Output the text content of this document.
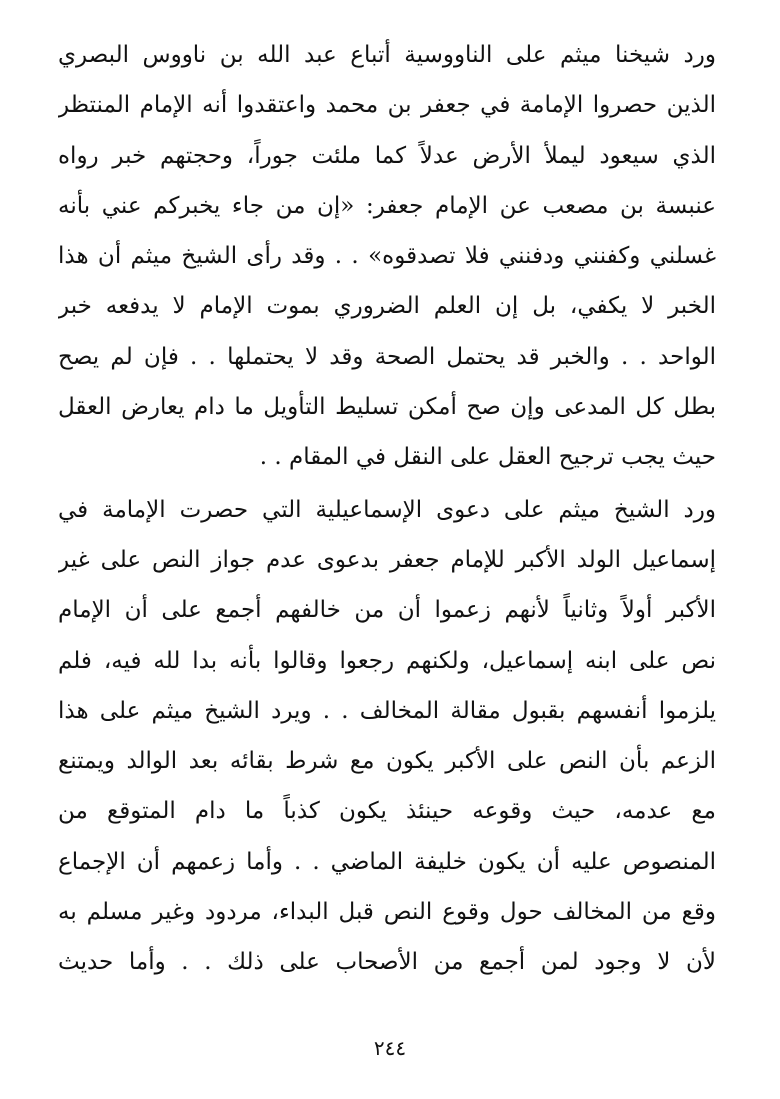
ورد شيخنا ميثم على الناووسية أتباع عبد الله بن ناووس البصري
الذين حصروا الإمامة في جعفر بن محمد واعتقدوا أنه الإمام المنتظر
الذي سيعود ليملأ الأرض عدلاً كما ملئت جوراً، وحجتهم خبر رواه
عنبسة بن مصعب عن الإمام جعفر: «إن من جاء يخبركم عني بأنه
غسلني وكفنني ودفنني فلا تصدقوه» . . وقد رأى الشيخ ميثم أن هذا
الخبر لا يكفي، بل إن العلم الضروري بموت الإمام لا يدفعه خبر
الواحد . . والخبر قد يحتمل الصحة وقد لا يحتملها . . فإن لم يصح
بطل كل المدعى وإن صح أمكن تسليط التأويل ما دام يعارض العقل
حيث يجب ترجيح العقل على النقل في المقام . .
ورد الشيخ ميثم على دعوى الإسماعيلية التي حصرت الإمامة في
إسماعيل الولد الأكبر للإمام جعفر بدعوى عدم جواز النص على غير
الأكبر أولاً وثانياً لأنهم زعموا أن من خالفهم أجمع على أن الإمام
نص على ابنه إسماعيل، ولكنهم رجعوا وقالوا بأنه بدا لله فيه، فلم
يلزموا أنفسهم بقبول مقالة المخالف . . ويرد الشيخ ميثم على هذا
الزعم بأن النص على الأكبر يكون مع شرط بقائه بعد الوالد ويمتنع
مع عدمه، حيث وقوعه حينئذ يكون كذباً ما دام المتوقع من
المنصوص عليه أن يكون خليفة الماضي . . وأما زعمهم أن الإجماع
وقع من المخالف حول وقوع النص قبل البداء، مردود وغير مسلم به
لأن لا وجود لمن أجمع من الأصحاب على ذلك . . وأما حديث
٢٤٤
